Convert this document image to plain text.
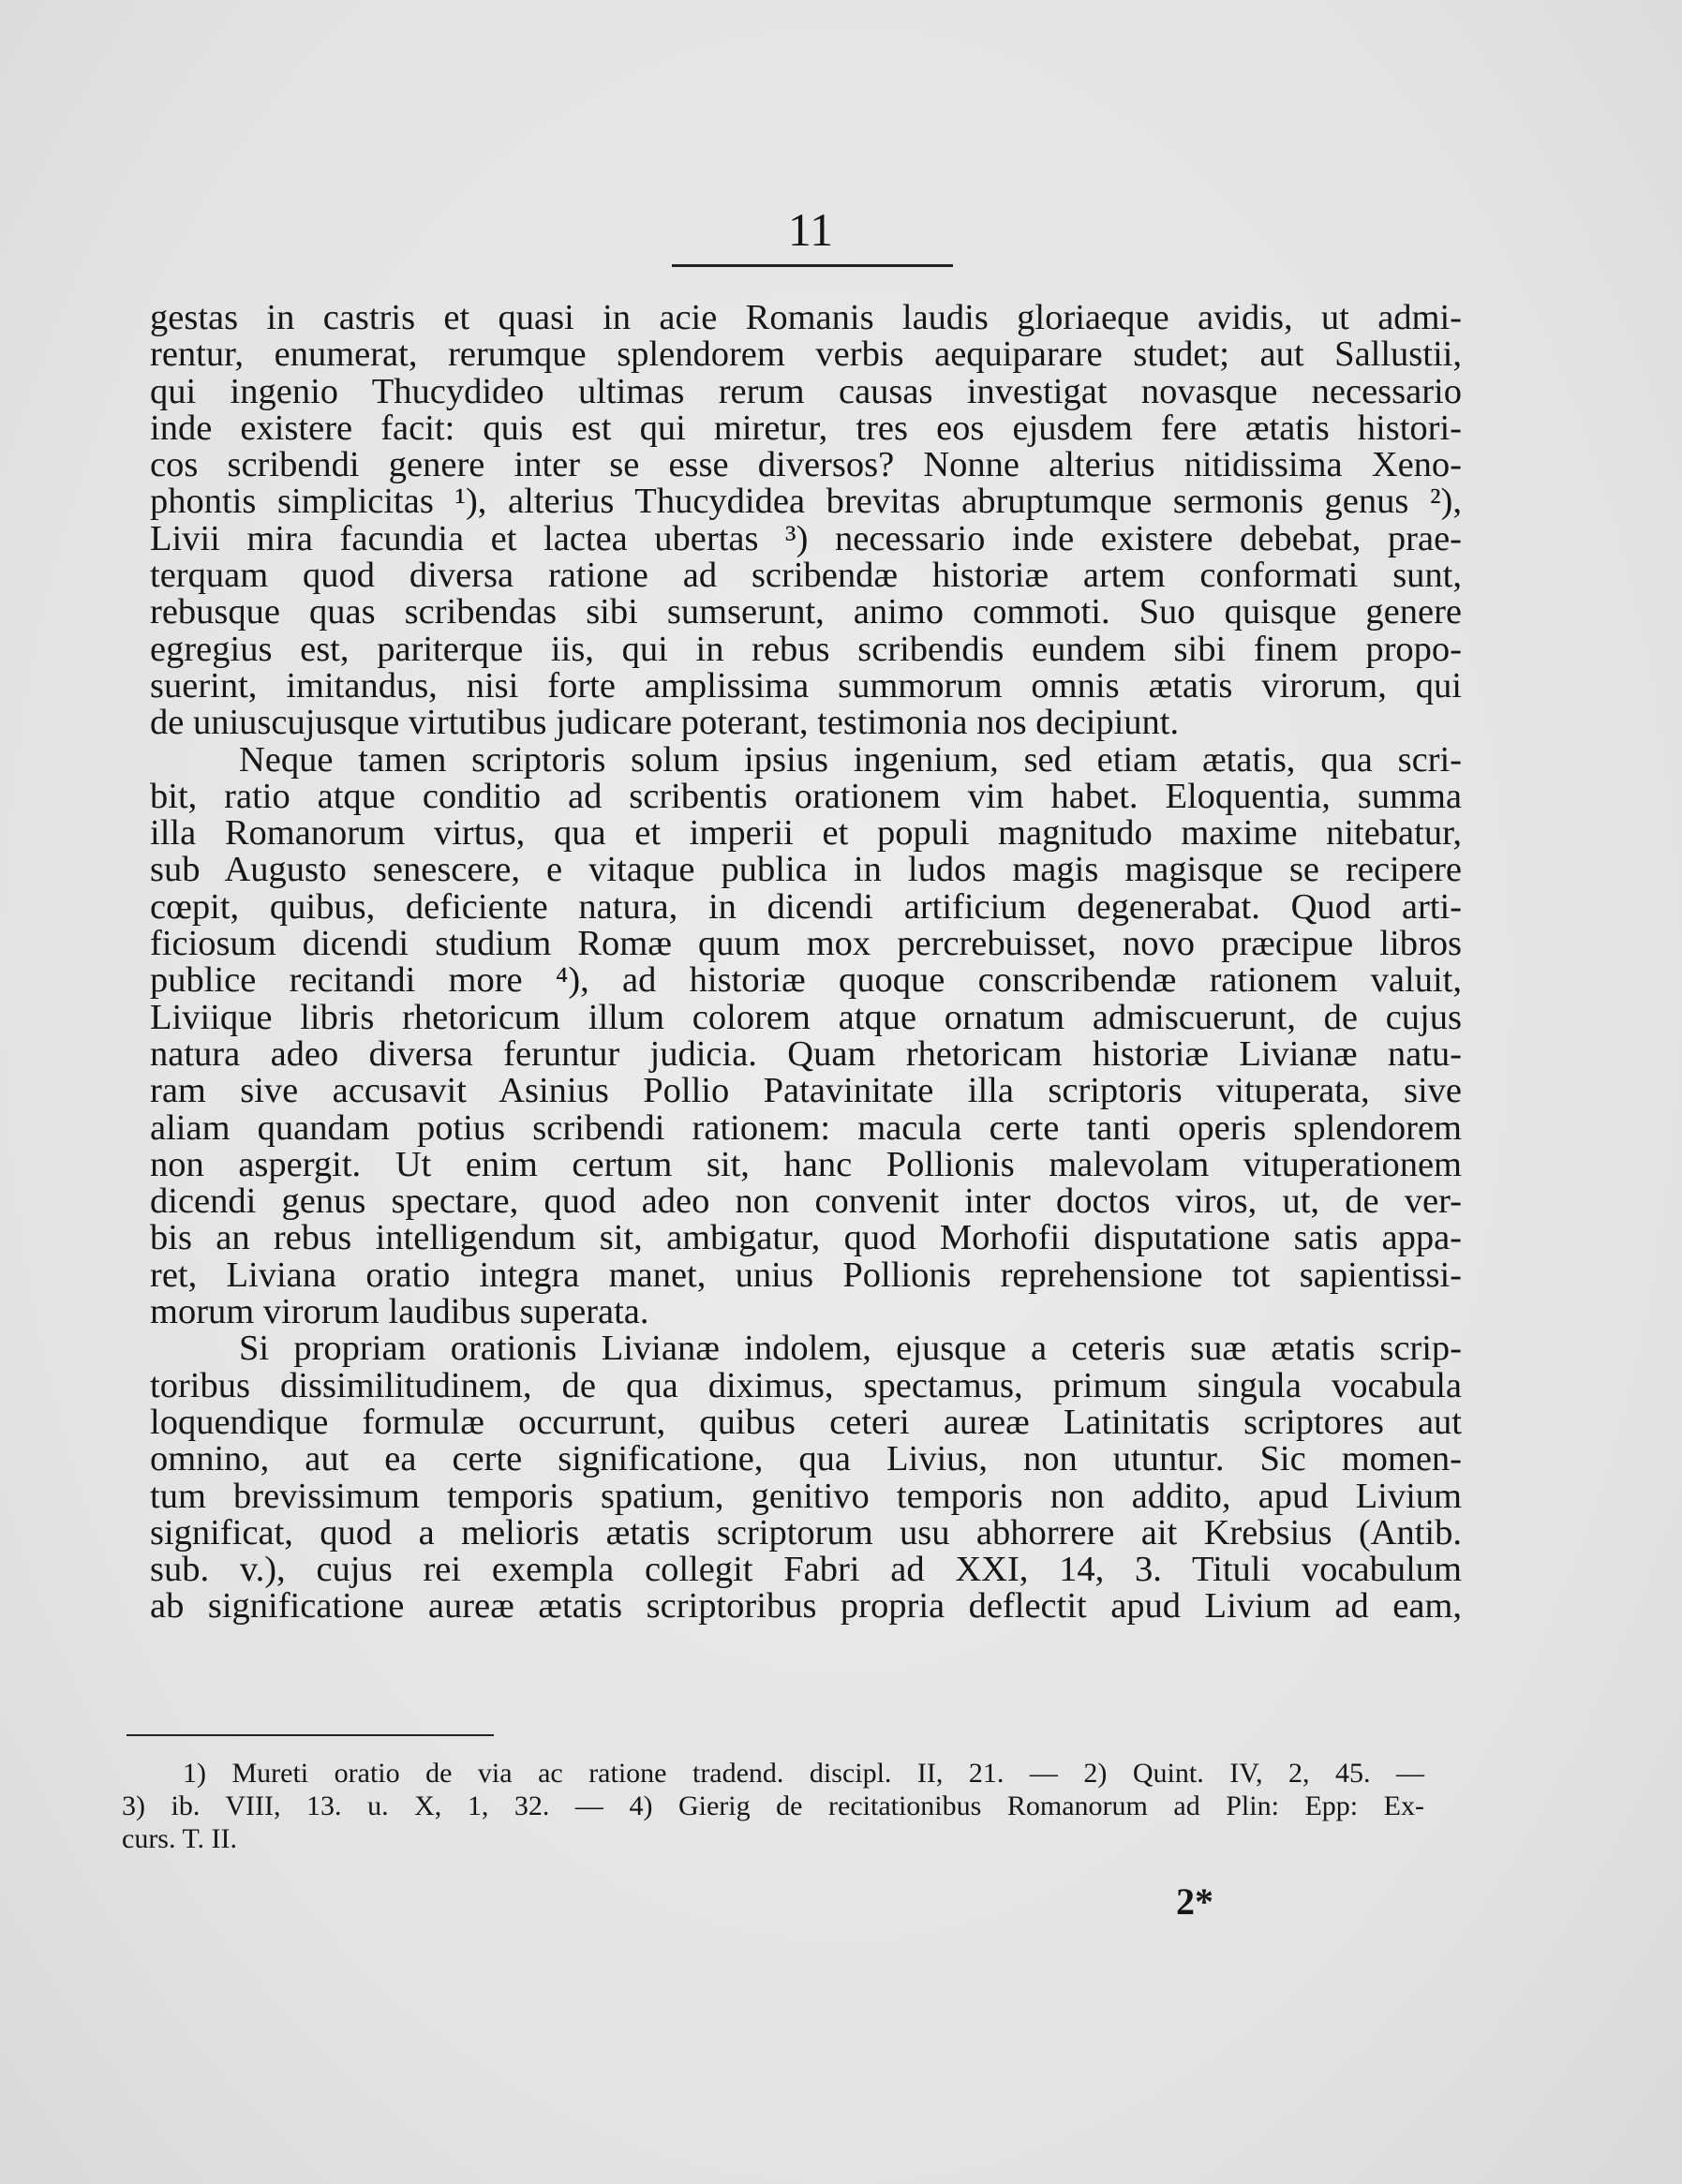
11

gestas in castris et quasi in acie Romanis laudis gloriaeque avidis, ut admi-
rentur, enumerat, rerumque splendorem verbis aequiparare studet; aut Sallustii,
qui ingenio Thucydideo ultimas rerum causas investigat novasque necessario
inde existere facit: quis est qui miretur, tres eos ejusdem fere ætatis histori-
cos scribendi genere inter se esse diversos? Nonne alterius nitidissima Xeno-
phontis simplicitas ¹), alterius Thucydidea brevitas abruptumque sermonis genus ²),
Livii mira facundia et lactea ubertas ³) necessario inde existere debebat, prae-
terquam quod diversa ratione ad scribendæ historiæ artem conformati sunt,
rebusque quas scribendas sibi sumserunt, animo commoti. Suo quisque genere
egregius est, pariterque iis, qui in rebus scribendis eundem sibi finem propo-
suerint, imitandus, nisi forte amplissima summorum omnis ætatis virorum, qui
de uniuscujusque virtutibus judicare poterant, testimonia nos decipiunt.

Neque tamen scriptoris solum ipsius ingenium, sed etiam ætatis, qua scri-
bit, ratio atque conditio ad scribentis orationem vim habet. Eloquentia, summa
illa Romanorum virtus, qua et imperii et populi magnitudo maxime nitebatur,
sub Augusto senescere, e vitaque publica in ludos magis magisque se recipere
cœpit, quibus, deficiente natura, in dicendi artificium degenerabat. Quod arti-
ficiosum dicendi studium Romæ quum mox percrebuisset, novo præcipue libros
publice recitandi more ⁴), ad historiæ quoque conscribendæ rationem valuit,
Liviique libris rhetoricum illum colorem atque ornatum admiscuerunt, de cujus
natura adeo diversa feruntur judicia. Quam rhetoricam historiæ Livianæ natu-
ram sive accusavit Asinius Pollio Patavinitate illa scriptoris vituperata, sive
aliam quandam potius scribendi rationem: macula certe tanti operis splendorem
non aspergit. Ut enim certum sit, hanc Pollionis malevolam vituperationem
dicendi genus spectare, quod adeo non convenit inter doctos viros, ut, de ver-
bis an rebus intelligendum sit, ambigatur, quod Morhofii disputatione satis appa-
ret, Liviana oratio integra manet, unius Pollionis reprehensione tot sapientissi-
morum virorum laudibus superata.

Si propriam orationis Livianæ indolem, ejusque a ceteris suæ ætatis scrip-
toribus dissimilitudinem, de qua diximus, spectamus, primum singula vocabula
loquendique formulæ occurrunt, quibus ceteri aureæ Latinitatis scriptores aut
omnino, aut ea certe significatione, qua Livius, non utuntur. Sic momen-
tum brevissimum temporis spatium, genitivo temporis non addito, apud Livium
significat, quod a melioris ætatis scriptorum usu abhorrere ait Krebsius (Antib.
sub. v.), cujus rei exempla collegit Fabri ad XXI, 14, 3. Tituli vocabulum
ab significatione aureæ ætatis scriptoribus propria deflectit apud Livium ad eam,

1) Mureti oratio de via ac ratione tradend. discipl. II, 21. — 2) Quint. IV, 2, 45. —
3) ib. VIII, 13. u. X, 1, 32. — 4) Gierig de recitationibus Romanorum ad Plin: Epp: Ex-
curs. T. II.
2*
